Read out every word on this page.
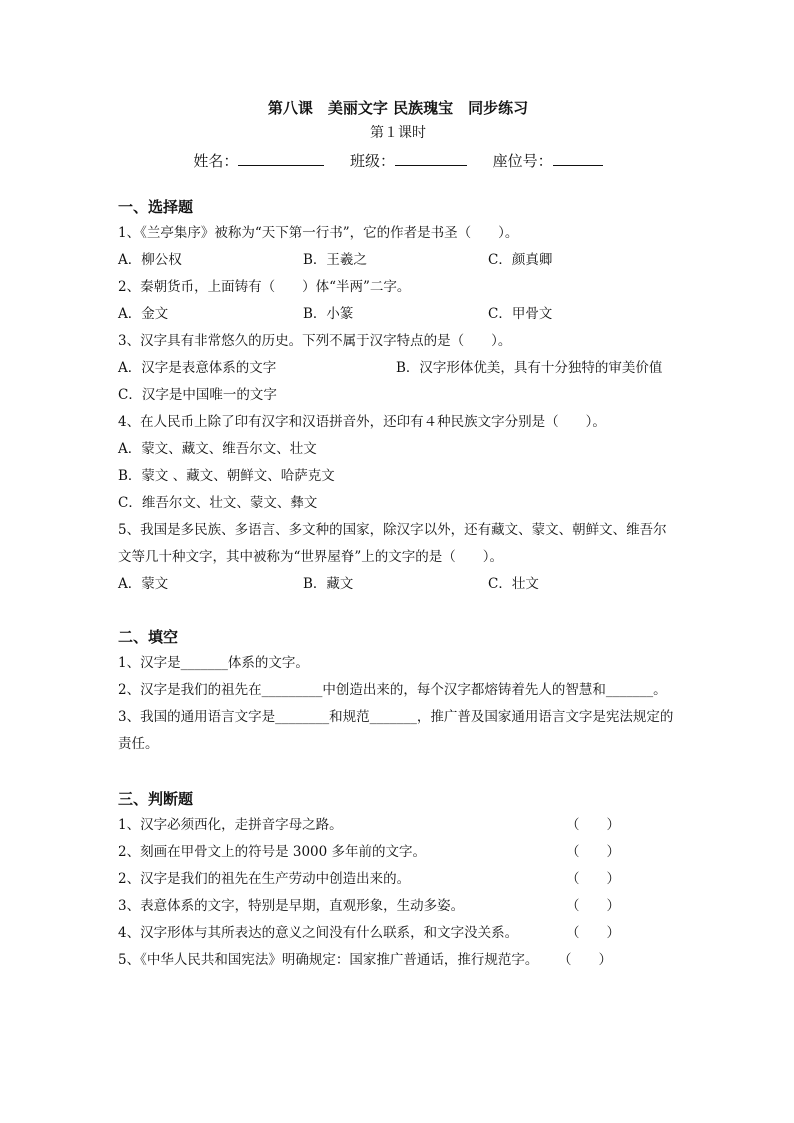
第八课　美丽文字 民族瑰宝　同步练习
第１课时
姓名：	班级：	座位号：
一、选择题
1、《兰亭集序》被称为“天下第一行书”，它的作者是书圣（　　）。
A．柳公权	B．王羲之	C．颜真卿
2、秦朝货币，上面铸有（　　）体“半两”二字。
A．金文	B．小篆	C．甲骨文
3、汉字具有非常悠久的历史。下列不属于汉字特点的是（　　）。
A．汉字是表意体系的文字	B．汉字形体优美，具有十分独特的审美价值
C．汉字是中国唯一的文字
4、在人民币上除了印有汉字和汉语拼音外，还印有４种民族文字分别是（　　）。
A．蒙文、藏文、维吾尔文、壮文
B．蒙文 、藏文、朝鲜文、哈萨克文
C．维吾尔文、壮文、蒙文、彝文
5、我国是多民族、多语言、多文种的国家，除汉字以外，还有藏文、蒙文、朝鲜文、维吾尔文等几十种文字，其中被称为“世界屋脊”上的文字的是（　　）。
A．蒙文	B．藏文	C．壮文
二、填空
1、汉字是_______体系的文字。
2、汉字是我们的祖先在_________中创造出来的，每个汉字都熔铸着先人的智慧和_______。
3、我国的通用语言文字是________和规范_______，推广普及国家通用语言文字是宪法规定的责任。
三、判断题
1、汉字必须西化，走拼音字母之路。	（　　）
2、刻画在甲骨文上的符号是 3000 多年前的文字。	（　　）
2、汉字是我们的祖先在生产劳动中创造出来的。	（　　）
3、表意体系的文字，特别是早期，直观形象，生动多姿。	（　　）
4、汉字形体与其所表达的意义之间没有什么联系，和文字没关系。	（　　）
5、《中华人民共和国宪法》明确规定：国家推广普通话，推行规范字。 （　　）
